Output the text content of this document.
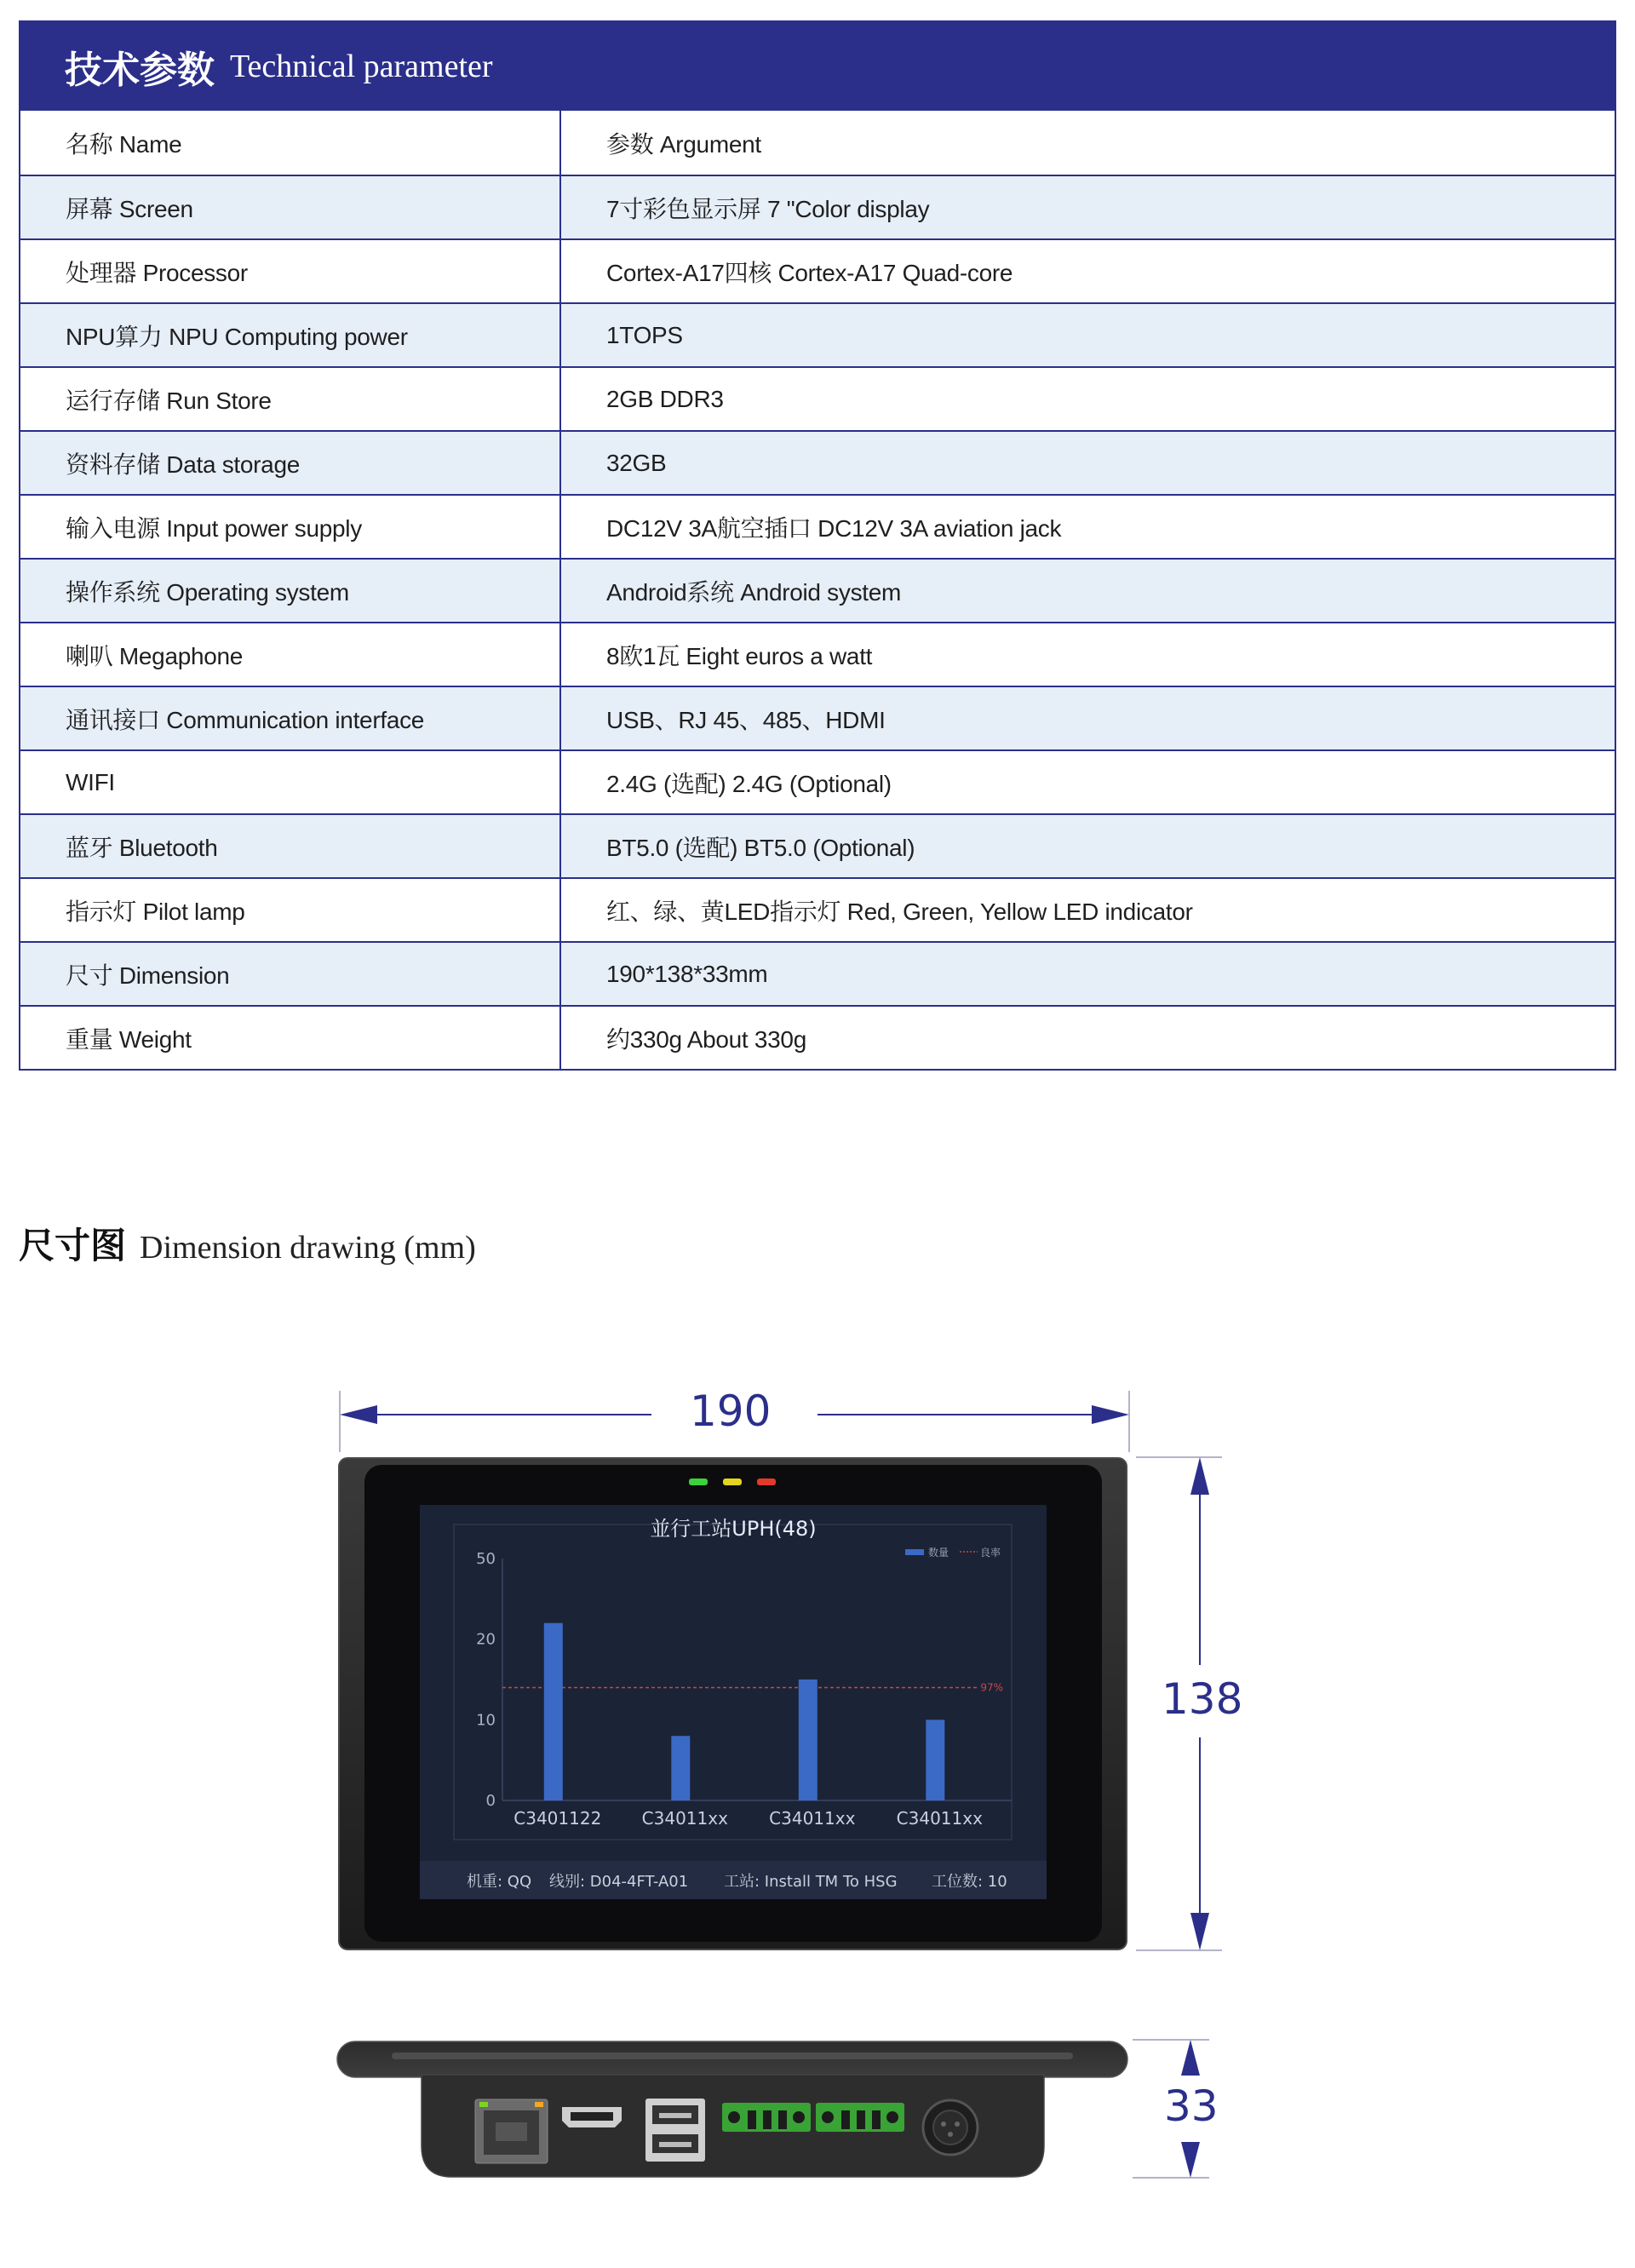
技术参数 Technical parameter
名称 Name	参数 Argument
屏幕 Screen	7寸彩色显示屏 7 "Color display
处理器 Processor	Cortex-A17四核 Cortex-A17 Quad-core
NPU算力 NPU Computing power	1TOPS
运行存储 Run Store	2GB DDR3
资料存储 Data storage	32GB
输入电源 Input power supply	DC12V 3A航空插口 DC12V 3A aviation jack
操作系统 Operating system	Android系统 Android system
喇叭 Megaphone	8欧1瓦 Eight euros a watt
通讯接口 Communication interface	USB、RJ 45、485、HDMI
WIFI	2.4G (选配) 2.4G (Optional)
蓝牙 Bluetooth	BT5.0 (选配) BT5.0 (Optional)
指示灯 Pilot lamp	红、绿、黄LED指示灯 Red, Green, Yellow LED indicator
尺寸 Dimension	190*138*33mm
重量 Weight	约330g About 330g
尺寸图 Dimension drawing (mm)
並行工站UPH(48)
数量	良率
0
10
20
50
97%
C3401122 C34011xx C34011xx C34011xx
机重: QQ 线别: D04-4FT-A01 工站: Install TM To HSG 工位数: 10
190
138
33
